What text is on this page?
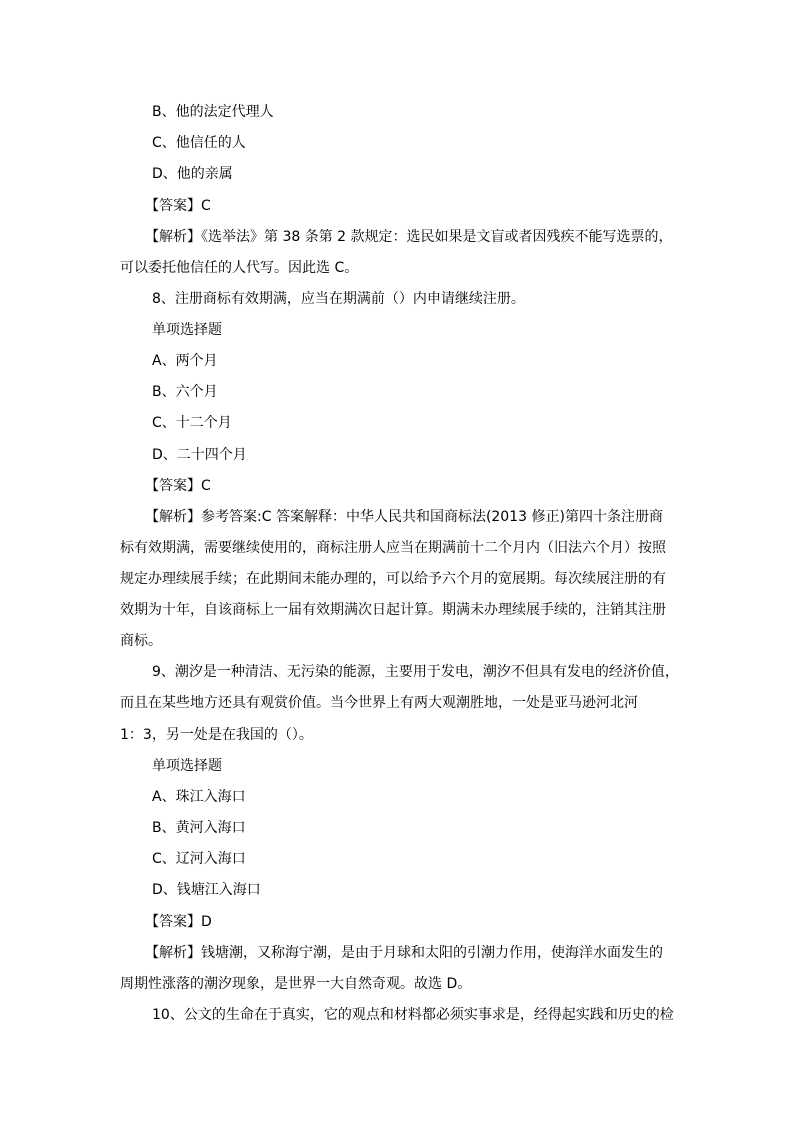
B、他的法定代理人
C、他信任的人
D、他的亲属
【答案】C
【解析】《选举法》第 38 条第 2 款规定：选民如果是文盲或者因残疾不能写选票的，
可以委托他信任的人代写。因此选 C。
8、注册商标有效期满，应当在期满前（）内申请继续注册。
单项选择题
A、两个月
B、六个月
C、十二个月
D、二十四个月
【答案】C
【解析】参考答案:C 答案解释：中华人民共和国商标法(2013 修正)第四十条注册商
标有效期满，需要继续使用的，商标注册人应当在期满前十二个月内（旧法六个月）按照
规定办理续展手续；在此期间未能办理的，可以给予六个月的宽展期。每次续展注册的有
效期为十年，自该商标上一届有效期满次日起计算。期满未办理续展手续的，注销其注册
商标。
9、潮汐是一种清洁、无污染的能源，主要用于发电，潮汐不但具有发电的经济价值，
而且在某些地方还具有观赏价值。当今世界上有两大观潮胜地，一处是亚马逊河北河
1：3，另一处是在我国的（）。
单项选择题
A、珠江入海口
B、黄河入海口
C、辽河入海口
D、钱塘江入海口
【答案】D
【解析】钱塘潮，又称海宁潮，是由于月球和太阳的引潮力作用，使海洋水面发生的
周期性涨落的潮汐现象，是世界一大自然奇观。故选 D。
10、公文的生命在于真实，它的观点和材料都必须实事求是，经得起实践和历史的检
